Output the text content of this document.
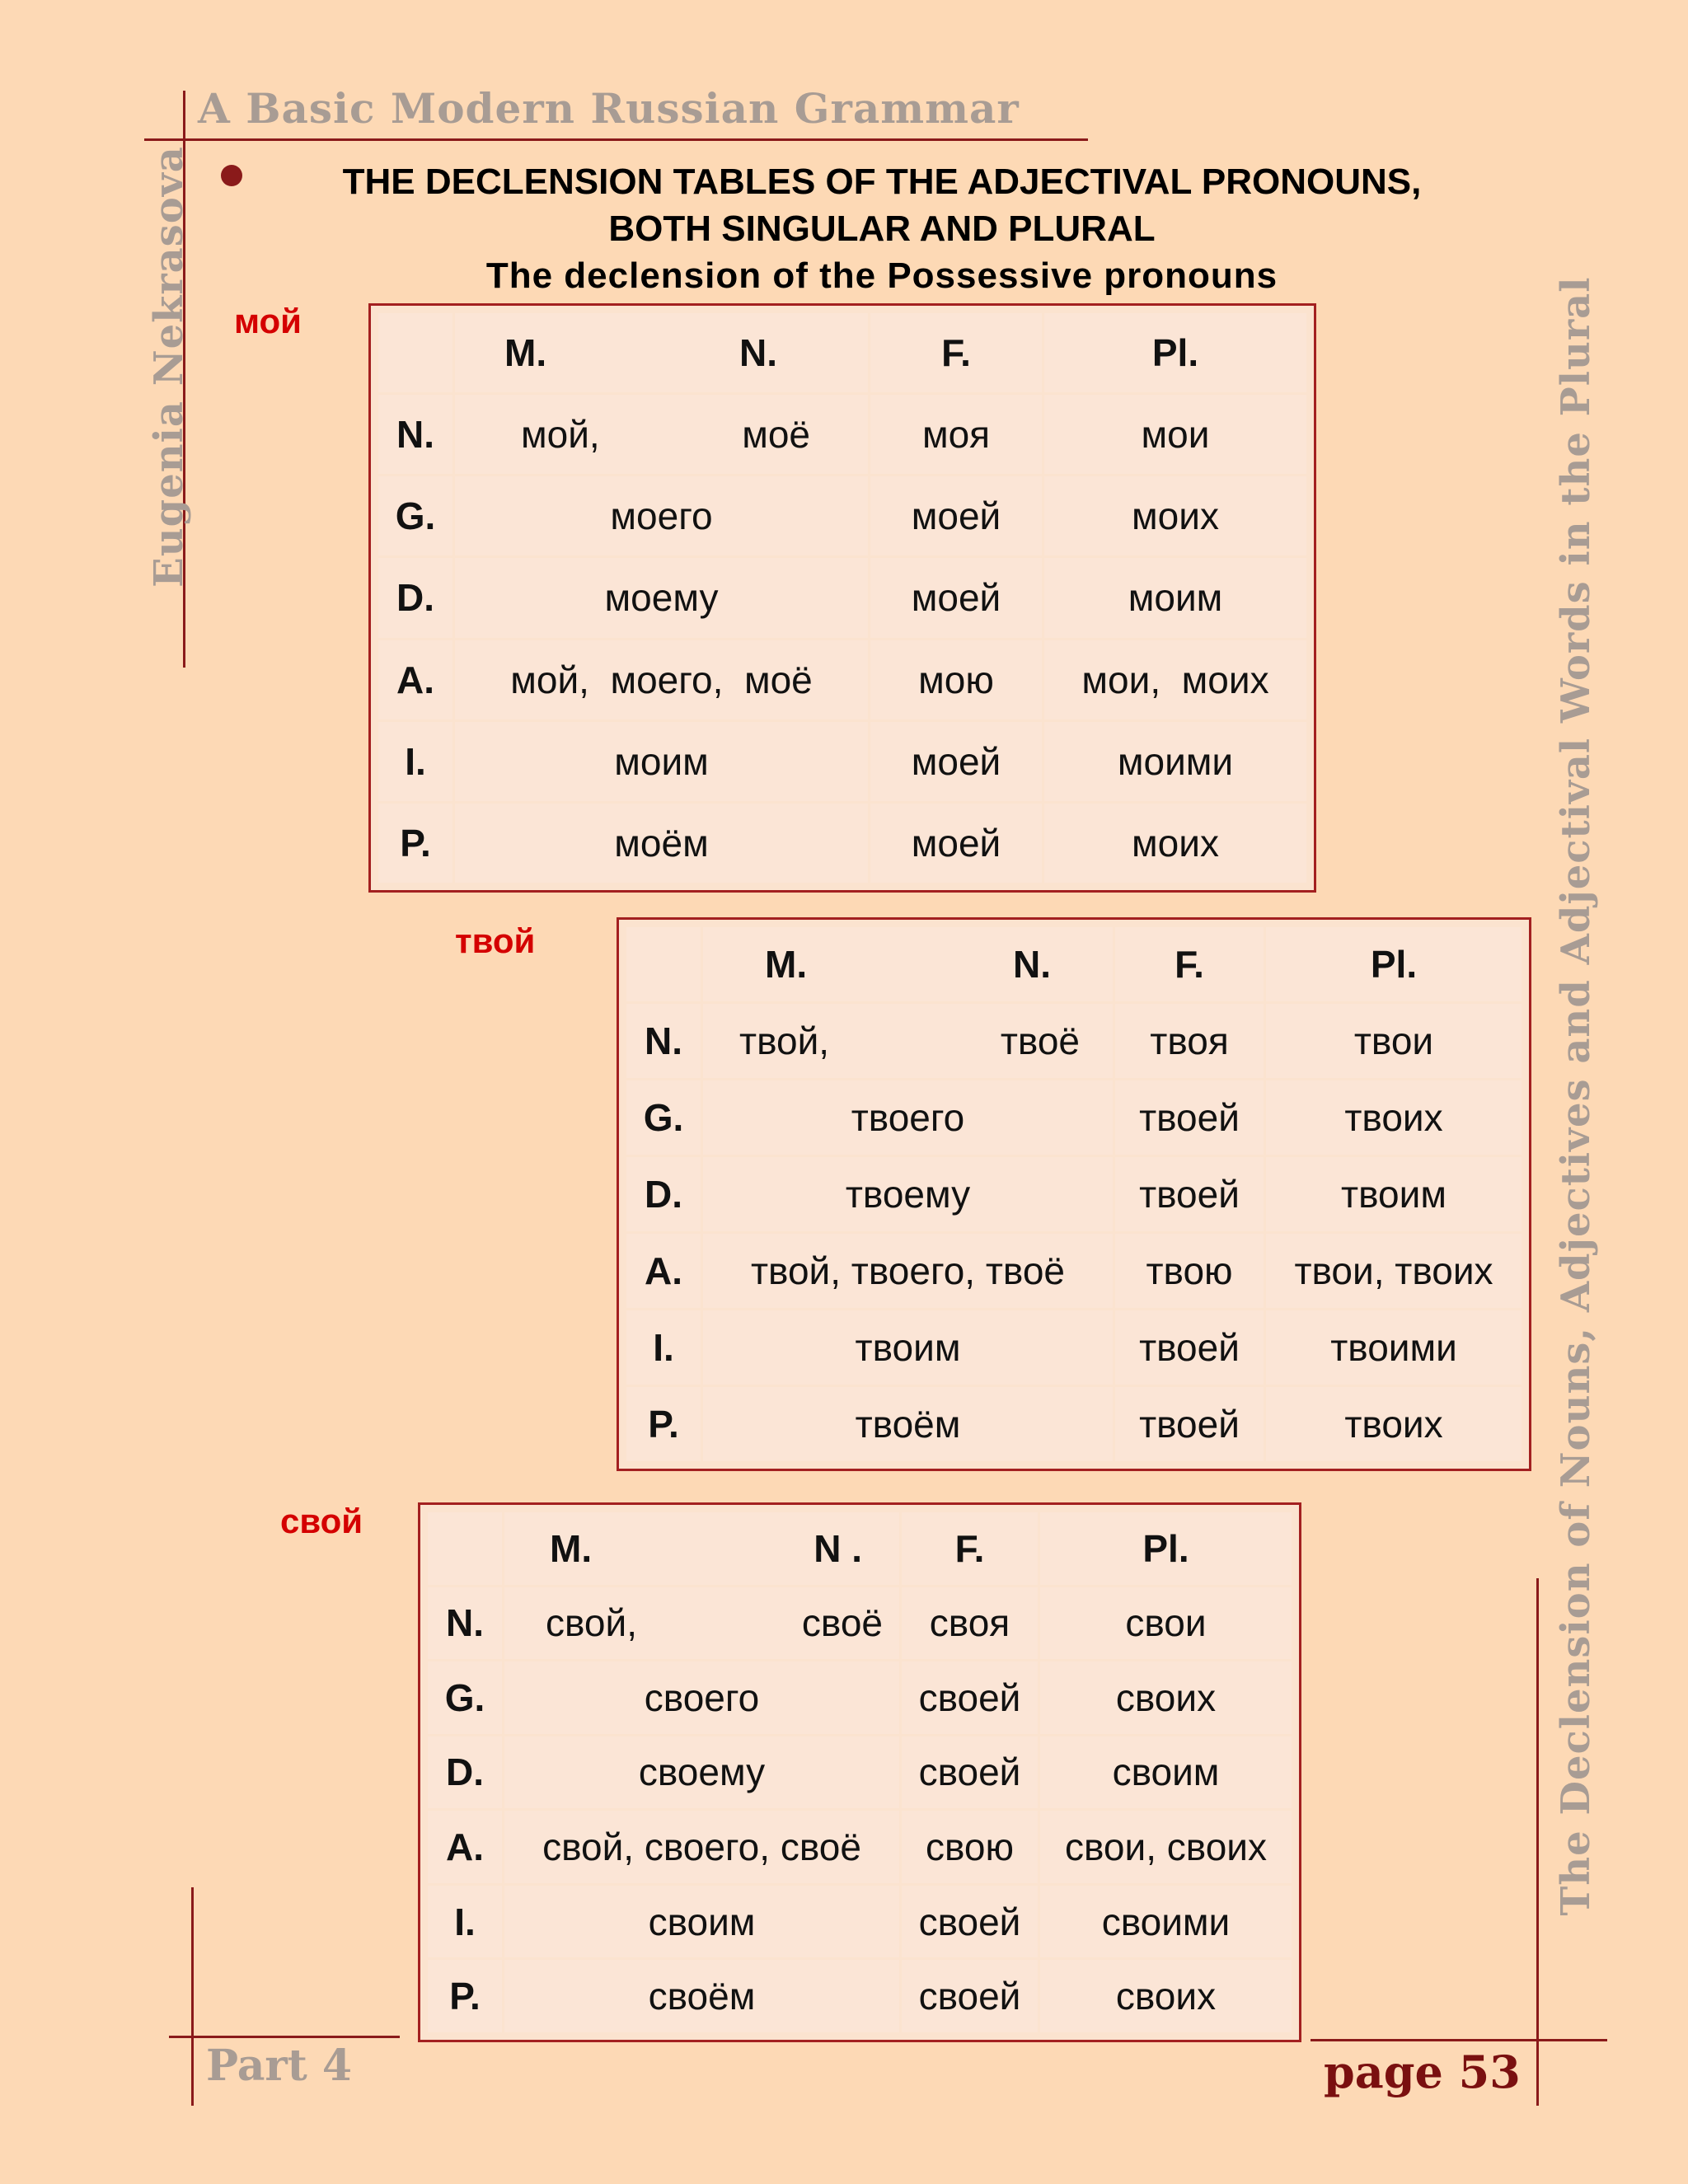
A Basic Modern Russian Grammar
Eugenia Nekrasova	The Declension of Nouns, Adjectives and Adjectival Words in the Plural
THE DECLENSION TABLES OF THE ADJECTIVAL PRONOUNS,
BOTH SINGULAR AND PLURAL
The declension of the Possessive pronouns
мой

	M. N.	F.	Pl.
N.	мой, моё	моя	мои
G.	моего	моей	моих
D.	моему	моей	моим
A.	мой,  моего,  моё	мою	мои,  моих
I.	моим	моей	моими
P.	моём	моей	моих
твой

	M. N.	F.	Pl.
N.	твой, твоё	твоя	твои
G.	твоего	твоей	твоих
D.	твоему	твоей	твоим
A.	твой, твоего, твоё	твою	твои, твоих
I.	твоим	твоей	твоими
P.	твоём	твоей	твоих
свой

	M. N .	F.	Pl.
N.	свой, своё	своя	свои
G.	своего	своей	своих
D.	своему	своей	своим
A.	свой, своего, своё	свою	свои, своих
I.	своим	своей	своими
P.	своём	своей	своих
Part 4	page 53
